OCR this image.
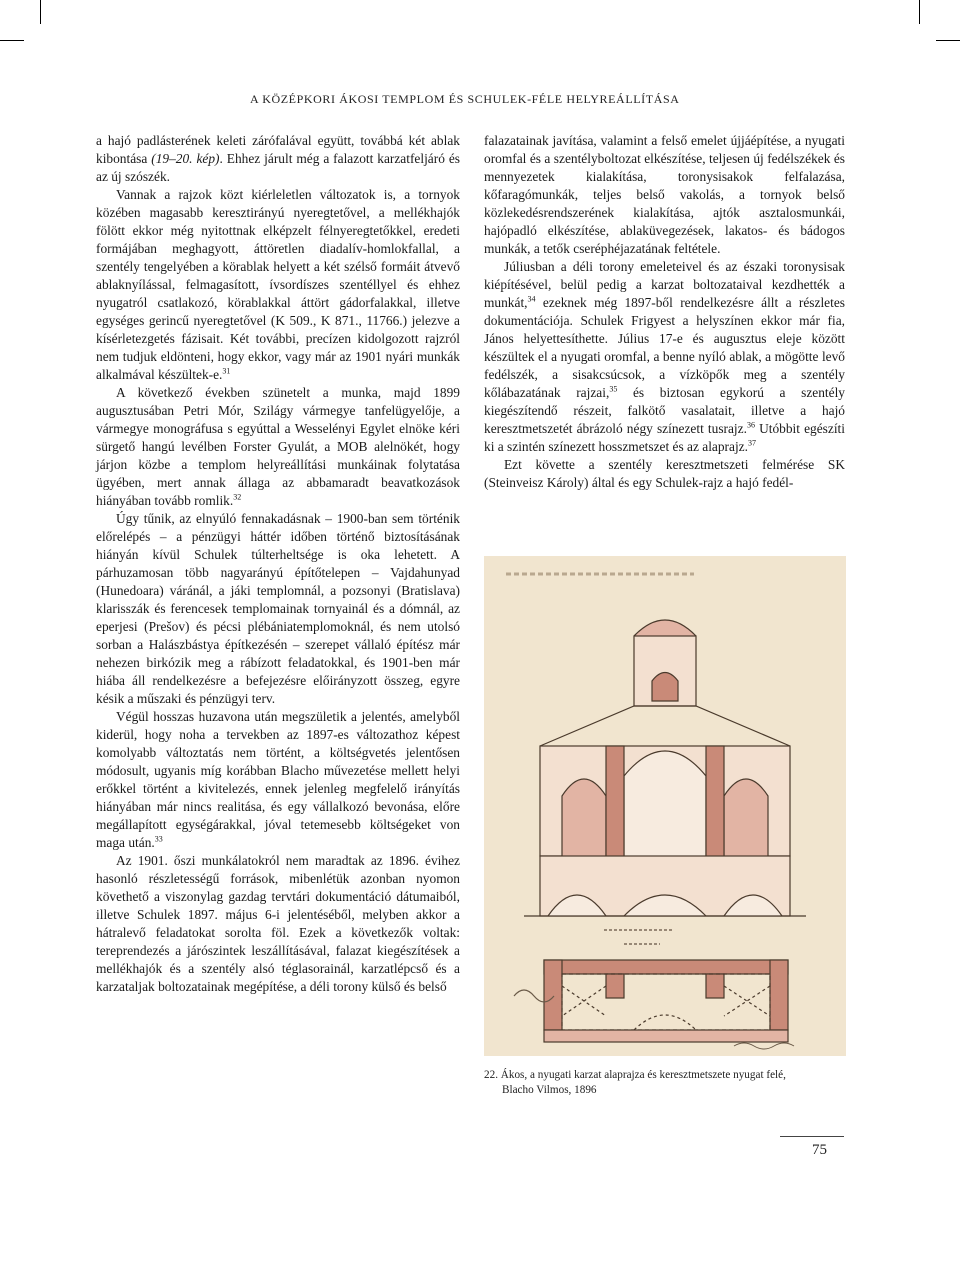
A KÖZÉPKORI ÁKOSI TEMPLOM ÉS SCHULEK-FÉLE HELYREÁLLÍTÁSA

a hajó padlásterének keleti zárófalával együtt, továbbá két ablak kibontása (19–20. kép). Ehhez járult még a falazott karzatfeljáró és az új szószék.

Vannak a rajzok közt kiérleletlen változatok is, a tornyok közében magasabb keresztirányú nyeregtetővel, a mellékhajók fölött ekkor még nyitottnak elképzelt félnyeregtetőkkel, eredeti formájában meghagyott, áttöretlen diadalív-homlokfallal, a szentély tengelyében a körablak helyett a két szélső formáit átvevő ablaknyílással, felmagasított, ívsordíszes szentéllyel és ehhez nyugatról csatlakozó, körablakkal áttört gádorfalakkal, illetve egységes gerincű nyeregtetővel (K 509., K 871., 11766.) jelezve a kísérletezgetés fázisait. Két további, precízen kidolgozott rajzról nem tudjuk eldönteni, hogy ekkor, vagy már az 1901 nyári munkák alkalmával készültek-e.$^{31}$

A következő években szünetelt a munka, majd 1899 augusztusában Petri Mór, Szilágy vármegye tanfelügyelője, a vármegye monográfusa s egyúttal a Wesselényi Egylet elnöke kéri sürgető hangú levélben Forster Gyulát, a MOB alelnökét, hogy járjon közbe a templom helyreállítási munkáinak folytatása ügyében, mert annak állaga az abbamaradt beavatkozások hiányában tovább romlik.$^{32}$

Úgy tűnik, az elnyúló fennakadásnak – 1900-ban sem történik előrelépés – a pénzügyi háttér időben történő biztosításának hiányán kívül Schulek túlterheltsége is oka lehetett. A párhuzamosan több nagyarányú építőtelepen – Vajdahunyad (Hunedoara) váránál, a jáki templomnál, a pozsonyi (Bratislava) klarisszák és ferencesek templomainak tornyainál és a dómnál, az eperjesi (Prešov) és pécsi plébániatemplomoknál, és nem utolsó sorban a Halászbástya építkezésén – szerepet vállaló építész már nehezen birkózik meg a rábízott feladatokkal, és 1901-ben már hiába áll rendelkezésre a befejezésre előirányzott összeg, egyre késik a műszaki és pénzügyi terv.

Végül hosszas huzavona után megszületik a jelentés, amelyből kiderül, hogy noha a tervekben az 1897-es változathoz képest komolyabb változtatás nem történt, a költségvetés jelentősen módosult, ugyanis míg korábban Blacho művezetése mellett helyi erőkkel történt a kivitelezés, ennek jelenleg megfelelő irányítás hiányában már nincs realitása, és egy vállalkozó bevonása, előre megállapított egységárakkal, jóval tetemesebb költségeket von maga után.$^{33}$

Az 1901. őszi munkálatokról nem maradtak az 1896. évihez hasonló részletességű források, mibenlétük azonban nyomon követhető a viszonylag gazdag tervtári dokumentáció dátumaiból, illetve Schulek 1897. május 6-i jelentéséből, melyben akkor a hátralevő feladatokat sorolta föl. Ezek a következők voltak: tereprendezés a járószintek leszállításával, falazat kiegészítések a mellékhajók és a szentély alsó téglasorainál, karzatlépcső és a karzataljak boltozatainak megépítése, a déli torony külső és belső

falazatainak javítása, valamint a felső emelet újjáépítése, a nyugati oromfal és a szentélyboltozat elkészítése, teljesen új fedélszékek és mennyezetek kialakítása, toronysisakok felfalazása, kőfaragómunkák, teljes belső vakolás, a tornyok belső közlekedésrendszerének kialakítása, ajtók asztalosmunkái, hajópadló elkészítése, ablaküvegezések, lakatos- és bádogos munkák, a tetők cseréphéjazatának feltétele.

Júliusban a déli torony emeleteivel és az északi toronysisak kiépítésével, belül pedig a karzat boltozataival kezdhették a munkát,$^{34}$ ezeknek még 1897-ből rendelkezésre állt a részletes dokumentációja. Schulek Frigyest a helyszínen ekkor már fia, János helyettesíthette. Július 17-e és augusztus eleje között készültek el a nyugati oromfal, a benne nyíló ablak, a mögötte levő fedélszék, a sisakcsúcsok, a vízköpők meg a szentély kőlábazatának rajzai,$^{35}$ és biztosan egykorú a szentély kiegészítendő részeit, falkötő vasalatait, illetve a hajó keresztmetszetét ábrázoló négy színezett tusrajz.$^{36}$ Utóbbit egészíti ki a szintén színezett hosszmetszet és az alaprajz.$^{37}$

Ezt követte a szentély keresztmetszeti felmérése SK (Steinveisz Károly) által és egy Schulek-rajz a hajó fedél-

22. Ákos, a nyugati karzat alaprajza és keresztmetszete nyugat felé,
Blacho Vilmos, 1896
75
